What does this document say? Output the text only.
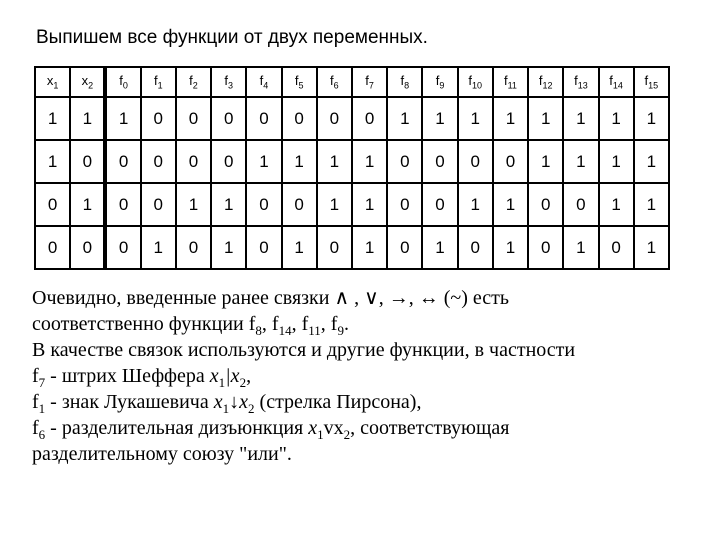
Выпишем все функции от двух переменных.
$x_1$	$x_2$	$f_0$	$f_1$	$f_2$	$f_3$	$f_4$	$f_5$	$f_6$	$f_7$	$f_8$	$f_9$	$f_{10}$	$f_{11}$	$f_{12}$	$f_{13}$	$f_{14}$	$f_{15}$
1	1	1	0	0	0	0	0	0	0	1	1	1	1	1	1	1	1
1	0	0	0	0	0	1	1	1	1	0	0	0	0	1	1	1	1
0	1	0	0	1	1	0	0	1	1	0	0	1	1	0	0	1	1
0	0	0	1	0	1	0	1	0	1	0	1	0	1	0	1	0	1
Очевидно, введенные ранее связки ∧ , ∨, →, ↔ (~) есть
соответственно функции $f_8$, $f_{14}$, $f_{11}$, $f_9$.
В качестве связок используются и другие функции, в частности
$f_7$ - штрих Шеффера $x_1|x_2$,
$f_1$ - знак Лукашевича $x_1↓x_2$ (стрелка Пирсона),
$f_6$ - разделительная дизъюнкция $x_1vx_2$, соответствующая
разделительному союзу "или".
